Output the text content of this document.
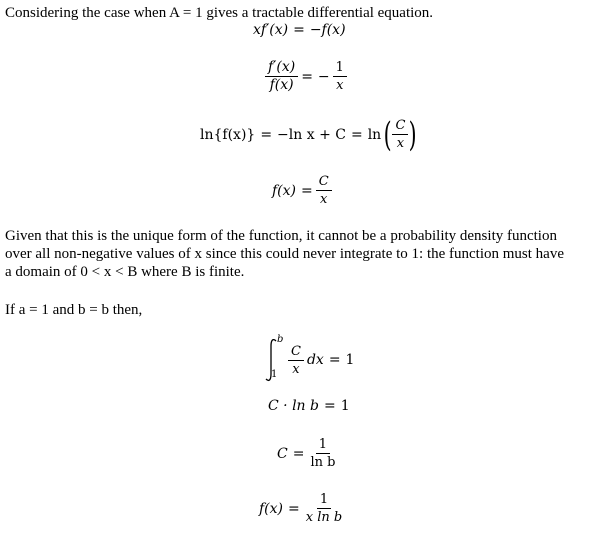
Considering the case when A = 1 gives a tractable differential equation.
xf′(x) = −f(x)
$\frac{f'(x)}{f(x)}$ = − $\frac{1}{x}$
ln{f(x)} = −ln x + C = ln ( $\frac{C}{x}$ )
$f(x) = \frac{C}{x}$
Given that this is the unique form of the function, it cannot be a probability density function
over all non-negative values of x since this could never integrate to 1: the function must have
a domain of 0 < x < B where B is finite.
If a = 1 and b = b then,
b
$1 \frac{C}{x}$ dx = 1
C · ln b = 1
$C = \frac{1}{\text{ln b}}$
$f(x) = \frac{1}{\text{x ln b}}$
